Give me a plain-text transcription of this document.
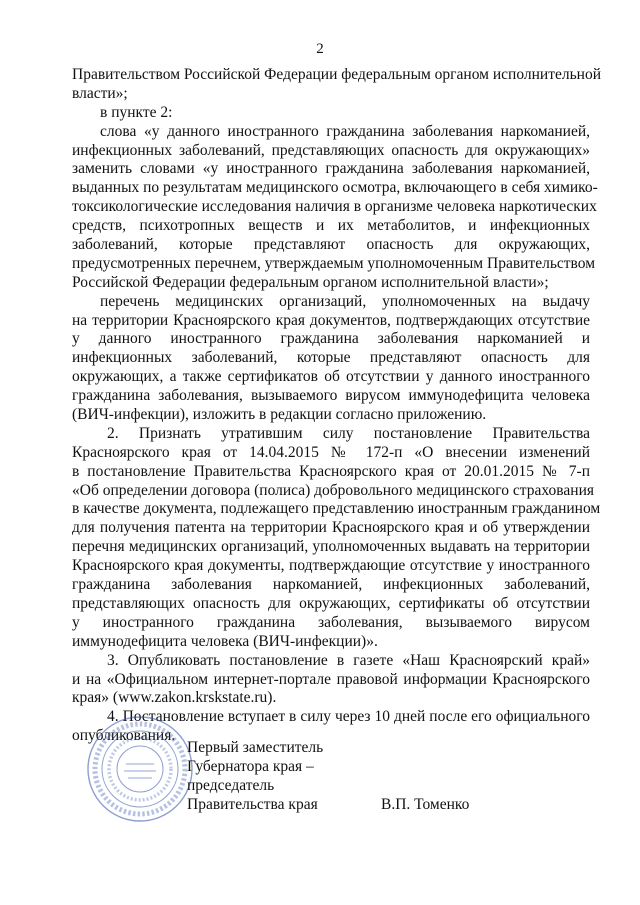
2
Правительством Российской Федерации федеральным органом исполнительной
власти»;
в пункте 2:
слова «у данного иностранного гражданина заболевания наркоманией,
инфекционных заболеваний, представляющих опасность для окружающих»
заменить словами «у иностранного гражданина заболевания наркоманией,
выданных по результатам медицинского осмотра, включающего в себя химико-
токсикологические исследования наличия в организме человека наркотических
средств, психотропных веществ и их метаболитов, и инфекционных
заболеваний, которые представляют опасность для окружающих,
предусмотренных перечнем, утверждаемым уполномоченным Правительством
Российской Федерации федеральным органом исполнительной власти»;
перечень медицинских организаций, уполномоченных на выдачу
на территории Красноярского края документов, подтверждающих отсутствие
у данного иностранного гражданина заболевания наркоманией и
инфекционных заболеваний, которые представляют опасность для
окружающих, а также сертификатов об отсутствии у данного иностранного
гражданина заболевания, вызываемого вирусом иммунодефицита человека
(ВИЧ-инфекции), изложить в редакции согласно приложению.
2. Признать утратившим силу постановление Правительства
Красноярского края от 14.04.2015 № 172-п «О внесении изменений
в постановление Правительства Красноярского края от 20.01.2015 № 7-п
«Об определении договора (полиса) добровольного медицинского страхования
в качестве документа, подлежащего представлению иностранным гражданином
для получения патента на территории Красноярского края и об утверждении
перечня медицинских организаций, уполномоченных выдавать на территории
Красноярского края документы, подтверждающие отсутствие у иностранного
гражданина заболевания наркоманией, инфекционных заболеваний,
представляющих опасность для окружающих, сертификаты об отсутствии
у иностранного гражданина заболевания, вызываемого вирусом
иммунодефицита человека (ВИЧ-инфекции)».
3. Опубликовать постановление в газете «Наш Красноярский край»
и на «Официальном интернет-портале правовой информации Красноярского
края» (www.zakon.krskstate.ru).
4. Постановление вступает в силу через 10 дней после его официального
опубликования.
Первый заместитель
Губернатора края –
председатель
Правительства края	В.П. Томенко
